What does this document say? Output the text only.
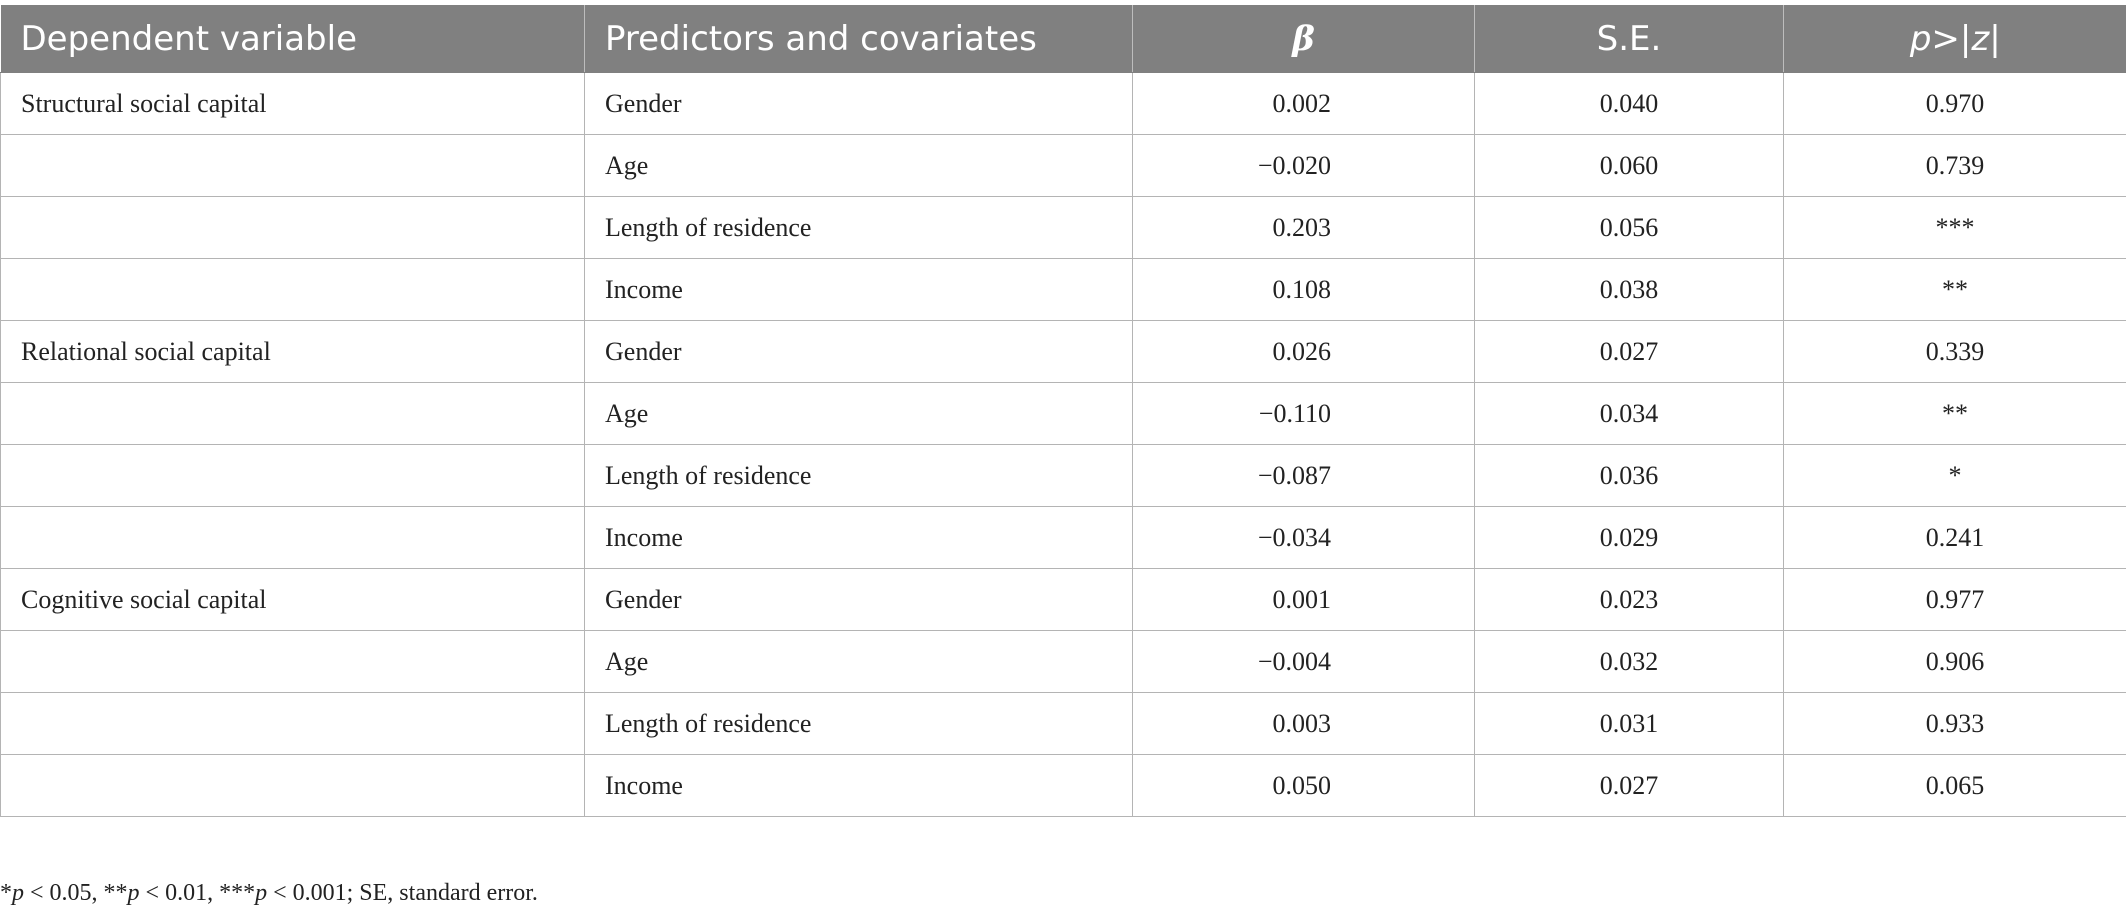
Dependent variable	Predictors and covariates	β	S.E.	p>|z|
Structural social capital	Gender	0.002	0.040	0.970
	Age	−0.020	0.060	0.739
	Length of residence	0.203	0.056	***
	Income	0.108	0.038	**
Relational social capital	Gender	0.026	0.027	0.339
	Age	−0.110	0.034	**
	Length of residence	−0.087	0.036	*
	Income	−0.034	0.029	0.241
Cognitive social capital	Gender	0.001	0.023	0.977
	Age	−0.004	0.032	0.906
	Length of residence	0.003	0.031	0.933
	Income	0.050	0.027	0.065
*p < 0.05, **p < 0.01, ***p < 0.001; SE, standard error.
